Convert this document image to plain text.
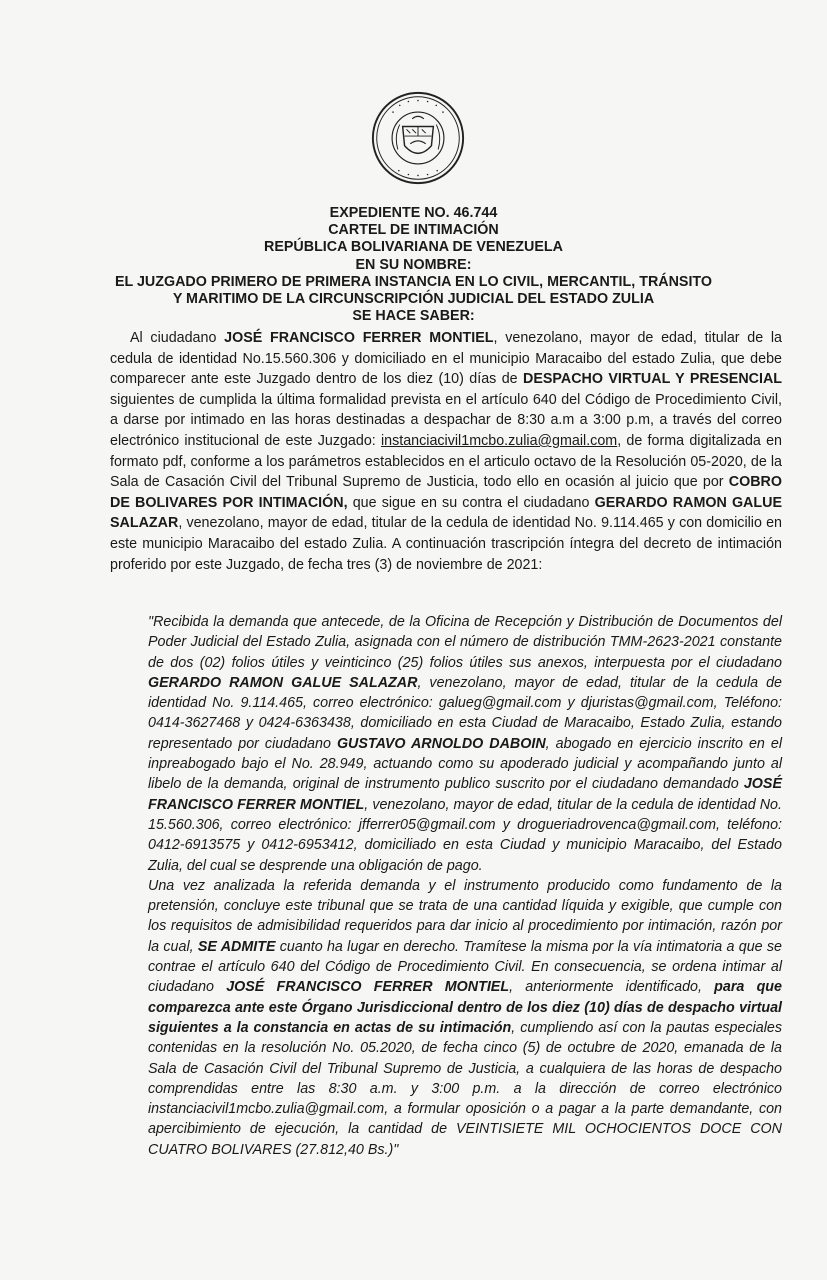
EXPEDIENTE NO. 46.744
CARTEL DE INTIMACIÓN
REPÚBLICA BOLIVARIANA DE VENEZUELA
EN SU NOMBRE:
EL JUZGADO PRIMERO DE PRIMERA INSTANCIA EN LO CIVIL, MERCANTIL, TRÁNSITO
Y MARITIMO DE LA CIRCUNSCRIPCIÓN JUDICIAL DEL ESTADO ZULIA
SE HACE SABER:

Al ciudadano JOSÉ FRANCISCO FERRER MONTIEL, venezolano, mayor de edad, titular de la cedula de identidad No.15.560.306 y domiciliado en el municipio Maracaibo del estado Zulia, que debe comparecer ante este Juzgado dentro de los diez (10) días de DESPACHO VIRTUAL Y PRESENCIAL siguientes de cumplida la última formalidad prevista en el artículo 640 del Código de Procedimiento Civil, a darse por intimado en las horas destinadas a despachar de 8:30 a.m a 3:00 p.m, a través del correo electrónico institucional de este Juzgado: instanciacivil1mcbo.zulia@gmail.com, de forma digitalizada en formato pdf, conforme a los parámetros establecidos en el articulo octavo de la Resolución 05-2020, de la Sala de Casación Civil del Tribunal Supremo de Justicia, todo ello en ocasión al juicio que por COBRO DE BOLIVARES POR INTIMACIÓN, que sigue en su contra el ciudadano GERARDO RAMON GALUE SALAZAR, venezolano, mayor de edad, titular de la cedula de identidad No. 9.114.465 y con domicilio en este municipio Maracaibo del estado Zulia. A continuación trascripción íntegra del decreto de intimación proferido por este Juzgado, de fecha tres (3) de noviembre de 2021:

"Recibida la demanda que antecede, de la Oficina de Recepción y Distribución de Documentos del Poder Judicial del Estado Zulia, asignada con el número de distribución TMM-2623-2021 constante de dos (02) folios útiles y veinticinco (25) folios útiles sus anexos, interpuesta por el ciudadano GERARDO RAMON GALUE SALAZAR, venezolano, mayor de edad, titular de la cedula de identidad No. 9.114.465, correo electrónico: galueg@gmail.com y djuristas@gmail.com, Teléfono: 0414-3627468 y 0424-6363438, domiciliado en esta Ciudad de Maracaibo, Estado Zulia, estando representado por ciudadano GUSTAVO ARNOLDO DABOIN, abogado en ejercicio inscrito en el inpreabogado bajo el No. 28.949, actuando como su apoderado judicial y acompañando junto al libelo de la demanda, original de instrumento publico suscrito por el ciudadano demandado JOSÉ FRANCISCO FERRER MONTIEL, venezolano, mayor de edad, titular de la cedula de identidad No. 15.560.306, correo electrónico: jfferrer05@gmail.com y drogueriadrovenca@gmail.com, teléfono: 0412-6913575 y 0412-6953412, domiciliado en esta Ciudad y municipio Maracaibo, del Estado Zulia, del cual se desprende una obligación de pago.

Una vez analizada la referida demanda y el instrumento producido como fundamento de la pretensión, concluye este tribunal que se trata de una cantidad líquida y exigible, que cumple con los requisitos de admisibilidad requeridos para dar inicio al procedimiento por intimación, razón por la cual, SE ADMITE cuanto ha lugar en derecho. Tramítese la misma por la vía intimatoria a que se contrae el artículo 640 del Código de Procedimiento Civil. En consecuencia, se ordena intimar al ciudadano JOSÉ FRANCISCO FERRER MONTIEL, anteriormente identificado, para que comparezca ante este Órgano Jurisdiccional dentro de los diez (10) días de despacho virtual siguientes a la constancia en actas de su intimación, cumpliendo así con la pautas especiales contenidas en la resolución No. 05.2020, de fecha cinco (5) de octubre de 2020, emanada de la Sala de Casación Civil del Tribunal Supremo de Justicia, a cualquiera de las horas de despacho comprendidas entre las 8:30 a.m. y 3:00 p.m. a la dirección de correo electrónico instanciacivil1mcbo.zulia@gmail.com, a formular oposición o a pagar a la parte demandante, con apercibimiento de ejecución, la cantidad de VEINTISIETE MIL OCHOCIENTOS DOCE CON CUATRO BOLIVARES (27.812,40 Bs.)"
